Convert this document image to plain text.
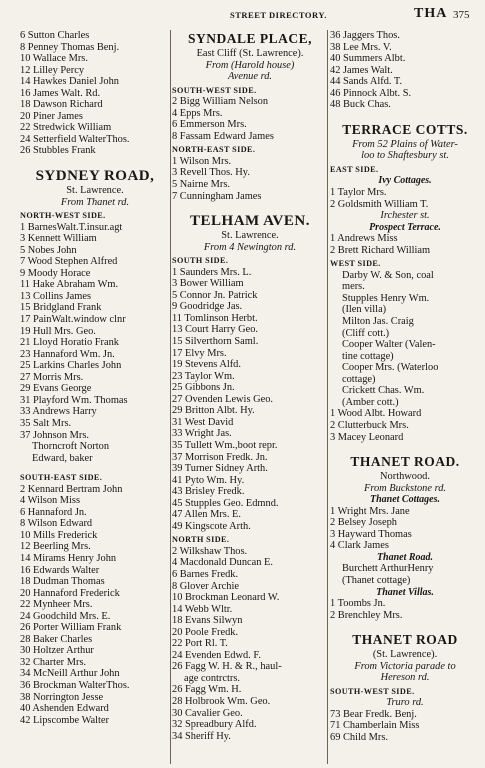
STREET DIRECTORY.	THA 375
6 Sutton Charles
8 Penney Thomas Benj.
10 Wallace Mrs.
12 Lilley Percy
14 Hawkes Daniel John
16 James Walt. Rd.
18 Dawson Richard
20 Piner James
22 Stredwick William
24 Setterfield WalterThos.
26 Stubbles Frank
SYDNEY ROAD,
St. Lawrence.
From Thanet rd.
NORTH-WEST SIDE.
1 BarnesWalt.T.insur.agt
3 Kennett William
5 Nobes John
7 Wood Stephen Alfred
9 Moody Horace
11 Hake Abraham Wm.
13 Collins James
15 Bridgland Frank
17 PainWalt.window clnr
19 Hull Mrs. Geo.
21 Lloyd Horatio Frank
23 Hannaford Wm. Jn.
25 Larkins Charles John
27 Morris Mrs.
29 Evans George
31 Playford Wm. Thomas
33 Andrews Harry
35 Salt Mrs.
37 Johnson Mrs.
Thorncroft Norton
Edward, baker
SOUTH-EAST SIDE.
2 Kennard Bertram John
4 Wilson Miss
6 Hannaford Jn.
8 Wilson Edward
10 Mills Frederick
12 Beerling Mrs.
14 Mirams Henry John
16 Edwards Walter
18 Dudman Thomas
20 Hannaford Frederick
22 Mynheer Mrs.
24 Goodchild Mrs. E.
26 Porter William Frank
28 Baker Charles
30 Holtzer Arthur
32 Charter Mrs.
34 McNeill Arthur John
36 Brockman WalterThos.
38 Norrington Jesse
40 Ashenden Edward
42 Lipscombe Walter
SYNDALE PLACE,
East Cliff (St. Lawrence).
From (Harold house)
Avenue rd.
SOUTH-WEST SIDE.
2 Bigg William Nelson
4 Epps Mrs.
6 Emmerson Mrs.
8 Fassam Edward James
NORTH-EAST SIDE.
1 Wilson Mrs.
3 Revell Thos. Hy.
5 Nairne Mrs.
7 Cunningham James
TELHAM AVEN.
St. Lawrence.
From 4 Newington rd.
SOUTH SIDE.
1 Saunders Mrs. L.
3 Bower William
5 Connor Jn. Patrick
9 Goodridge Jas.
11 Tomlinson Herbt.
13 Court Harry Geo.
15 Silverthorn Saml.
17 Elvy Mrs.
19 Stevens Alfd.
23 Taylor Wm.
25 Gibbons Jn.
27 Ovenden Lewis Geo.
29 Britton Albt. Hy.
31 West David
33 Wright Jas.
35 Tullett Wm.,boot repr.
37 Morrison Fredk. Jn.
39 Turner Sidney Arth.
41 Pyto Wm. Hy.
43 Brisley Fredk.
45 Stupples Geo. Edmnd.
47 Allen Mrs. E.
49 Kingscote Arth.
NORTH SIDE.
2 Wilkshaw Thos.
4 Macdonald Duncan E.
6 Barnes Fredk.
8 Glover Archie
10 Brockman Leonard W.
14 Webb Wltr.
18 Evans Silwyn
20 Poole Fredk.
22 Port Rl. T.
24 Evenden Edwd. F.
26 Fagg W. H. & R., haul-
age contrctrs.
26 Fagg Wm. H.
28 Holbrook Wm. Geo.
30 Cavalier Geo.
32 Spreadbury Alfd.
34 Sheriff Hy.
36 Jaggers Thos.
38 Lee Mrs. V.
40 Summers Albt.
42 James Walt.
44 Sands Alfd. T.
46 Pinnock Albt. S.
48 Buck Chas.
TERRACE COTTS.
From 52 Plains of Water-
loo to Shaftesbury st.
EAST SIDE.
Ivy Cottages.
1 Taylor Mrs.
2 Goldsmith William T.
Irchester st.
Prospect Terrace.
1 Andrews Miss
2 Brett Richard William
WEST SIDE.
Darby W. & Son, coal
mers.
Stupples Henry Wm.
(Ilen villa)
Milton Jas. Craig
(Cliff cott.)
Cooper Walter (Valen-
tine cottage)
Cooper Mrs. (Waterloo
cottage)
Crickett Chas. Wm.
(Amber cott.)
1 Wood Albt. Howard
2 Clutterbuck Mrs.
3 Macey Leonard
THANET ROAD.
Northwood.
From Buckstone rd.
Thanet Cottages.
1 Wright Mrs. Jane
2 Belsey Joseph
3 Hayward Thomas
4 Clark James
Thanet Road.
Burchett ArthurHenry
(Thanet cottage)
Thanet Villas.
1 Toombs Jn.
2 Brenchley Mrs.
THANET ROAD
(St. Lawrence).
From Victoria parade to
Hereson rd.
SOUTH-WEST SIDE.
Truro rd.
73 Bear Fredk. Benj.
71 Chamberlain Miss
69 Child Mrs.
